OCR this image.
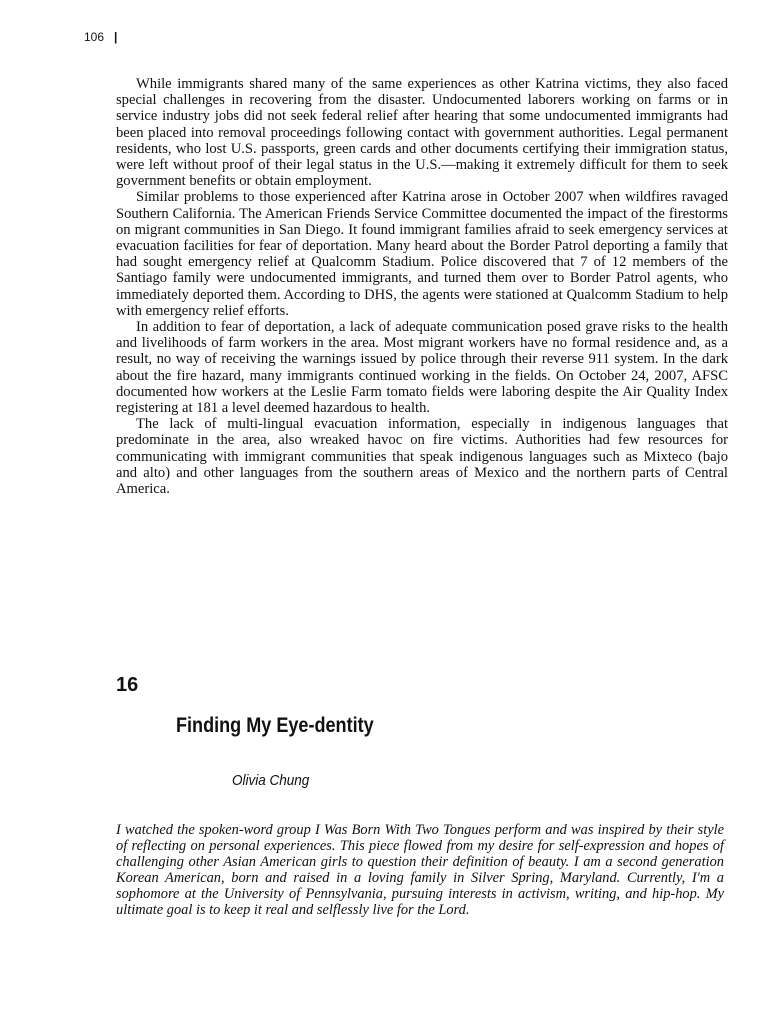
106 |

While immigrants shared many of the same experiences as other Katrina victims, they also faced special challenges in recovering from the disaster. Undocumented laborers working on farms or in service industry jobs did not seek federal relief after hearing that some undocumented immigrants had been placed into removal proceedings following contact with government authorities. Legal permanent residents, who lost U.S. passports, green cards and other documents certifying their immigration status, were left without proof of their legal status in the U.S.—making it extremely difficult for them to seek government benefits or obtain employment.

Similar problems to those experienced after Katrina arose in October 2007 when wildfires ravaged Southern California. The American Friends Service Committee documented the impact of the firestorms on migrant communities in San Diego. It found immigrant families afraid to seek emergency services at evacuation facilities for fear of deportation. Many heard about the Border Patrol deporting a family that had sought emergency relief at Qualcomm Stadium. Police discovered that 7 of 12 members of the Santiago family were undocumented immigrants, and turned them over to Border Patrol agents, who immediately deported them. According to DHS, the agents were stationed at Qualcomm Stadium to help with emergency relief efforts.

In addition to fear of deportation, a lack of adequate communication posed grave risks to the health and livelihoods of farm workers in the area. Most migrant workers have no formal residence and, as a result, no way of receiving the warnings issued by police through their reverse 911 system. In the dark about the fire hazard, many immigrants continued working in the fields. On October 24, 2007, AFSC documented how workers at the Leslie Farm tomato fields were laboring despite the Air Quality Index registering at 181 a level deemed hazardous to health.

The lack of multi-lingual evacuation information, especially in indigenous languages that predominate in the area, also wreaked havoc on fire victims. Authorities had few resources for communicating with immigrant communities that speak indigenous languages such as Mixteco (bajo and alto) and other languages from the southern areas of Mexico and the northern parts of Central America.

16
Finding My Eye-dentity
Olivia Chung
I watched the spoken-word group I Was Born With Two Tongues perform and was inspired by their style of reflecting on personal experiences. This piece flowed from my desire for self-expression and hopes of challenging other Asian American girls to question their definition of beauty. I am a second generation Korean American, born and raised in a loving family in Silver Spring, Maryland. Currently, I'm a sophomore at the University of Pennsylvania, pursuing interests in activism, writing, and hip-hop. My ultimate goal is to keep it real and selflessly live for the Lord.
